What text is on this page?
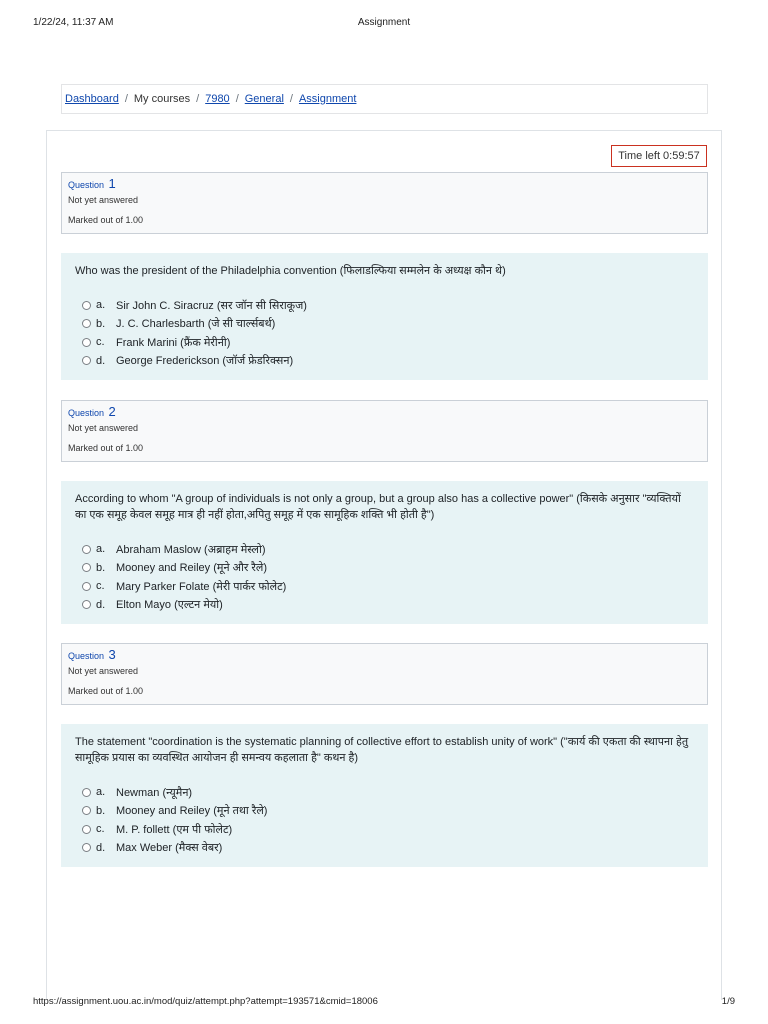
1/22/24, 11:37 AM	Assignment
Dashboard / My courses / 7980 / General / Assignment
Time left 0:59:57
Question 1
Not yet answered
Marked out of 1.00
Who was the president of the Philadelphia convention (फिलाडल्फिया सम्मलेन के अध्यक्ष कौन थे)
a. Sir John C. Siracruz (सर जॉन सी सिराकूज)
b. J. C. Charlesbarth (जे सी चार्ल्सबर्थ)
c.	Frank Marini (फ्रैंक मेरीनी)
d. George Frederickson (जॉर्ज फ्रेडरिक्सन)
Question 2
Not yet answered
Marked out of 1.00
According to whom "A group of individuals is not only a group, but a group also has a collective power" (किसके अनुसार "व्यक्तियों का एक समूह केवल समूह मात्र ही नहीं होता,अपितु समूह में एक सामूहिक शक्ति भी होती है")
a. Abraham Maslow (अब्राहम मेस्लो)
b. Mooney and Reiley (मूने और रैले)
c.	Mary Parker Folate (मेरी पार्कर फोलेट)
d. Elton Mayo (एल्टन मेयो)
Question 3
Not yet answered
Marked out of 1.00
The statement "coordination is the systematic planning of collective effort to establish unity of work" ("कार्य की एकता की स्थापना हेतु सामूहिक प्रयास का व्यवस्थित आयोजन ही समन्वय कहलाता है" कथन है)
a. Newman (न्यूमैन)
b. Mooney and Reiley (मूने तथा रैले)
c.	M. P. follett (एम पी फोलेट)
d. Max Weber (मैक्स वेबर)
https://assignment.uou.ac.in/mod/quiz/attempt.php?attempt=193571&cmid=18006	1/9
